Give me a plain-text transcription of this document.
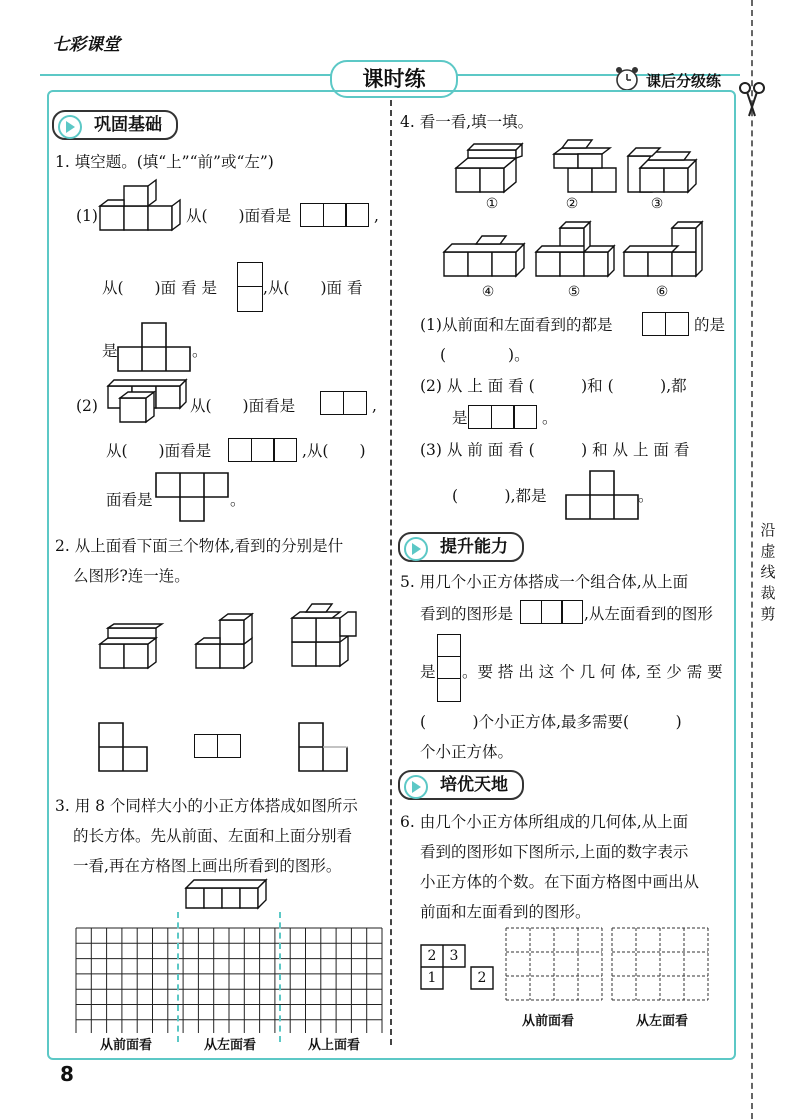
七彩课堂
课时练	课后分级练
沿
虚
线
裁
剪
8
巩固基础
1. 填空题。(填“上”“前”或“左”)
(1)	从(　　)面看是	,
从(　　)面 看 是	,从(　　)面 看
是	。
(2)	从(　　)面看是	,
从(　　)面看是	,从(　　)
面看是	。
2. 从上面看下面三个物体,看到的分别是什
么图形?连一连。
3. 用 8 个同样大小的小正方体搭成如图所示
的长方体。先从前面、左面和上面分别看
一看,再在方格图上画出所看到的图形。
从前面看	从左面看	从上面看
4. 看一看,填一填。
①	②	③
④	⑤	⑥
(1)从前面和左面看到的都是	的是
(　　　　)。
(2) 从 上 面 看 (　　　)和 (　　　),都
是	。
(3) 从 前 面 看 (　　　) 和 从 上 面 看
(　　　),都是	。
提升能力
5. 用几个小正方体搭成一个组合体,从上面
看到的图形是	,从左面看到的图形
是 。要 搭 出 这 个 几 何 体, 至 少 需 要
(　　　)个小正方体,最多需要(　　　)
个小正方体。
培优天地
6. 由几个小正方体所组成的几何体,从上面
看到的图形如下图所示,上面的数字表示
小正方体的个数。在下面方格图中画出从
前面和左面看到的图形。
2 3
1	2
从前面看	从左面看
